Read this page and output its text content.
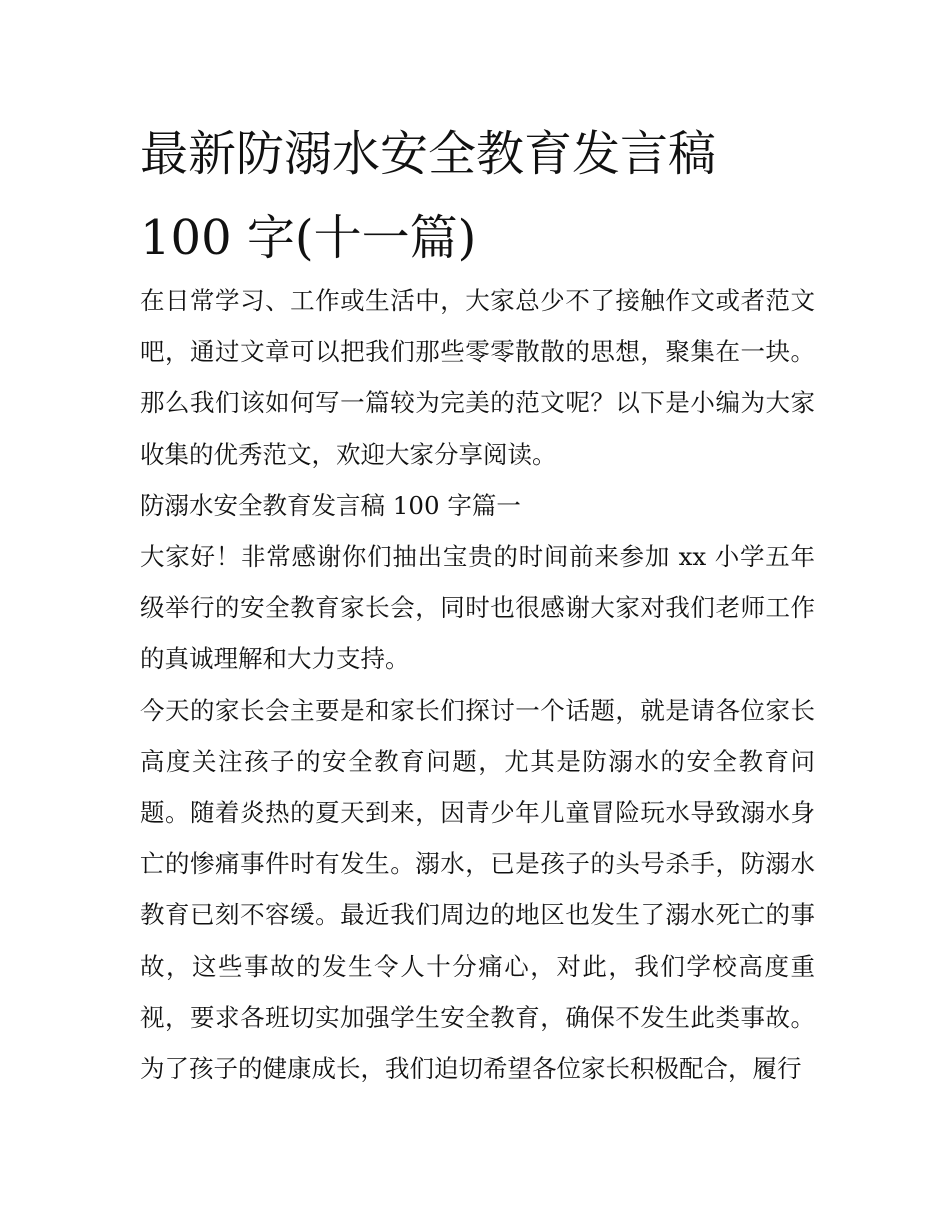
最新防溺水安全教育发言稿
100 字(十一篇)

在日常学习、工作或生活中，大家总少不了接触作文或者范文吧，通过文章可以把我们那些零零散散的思想，聚集在一块。那么我们该如何写一篇较为完美的范文呢？以下是小编为大家收集的优秀范文，欢迎大家分享阅读。

防溺水安全教育发言稿 100 字篇一

大家好！非常感谢你们抽出宝贵的时间前来参加 xx 小学五年级举行的安全教育家长会，同时也很感谢大家对我们老师工作的真诚理解和大力支持。

今天的家长会主要是和家长们探讨一个话题，就是请各位家长高度关注孩子的安全教育问题，尤其是防溺水的安全教育问题。随着炎热的夏天到来，因青少年儿童冒险玩水导致溺水身亡的惨痛事件时有发生。溺水，已是孩子的头号杀手，防溺水教育已刻不容缓。最近我们周边的地区也发生了溺水死亡的事故，这些事故的发生令人十分痛心，对此，我们学校高度重视，要求各班切实加强学生安全教育，确保不发生此类事故。为了孩子的健康成长，我们迫切希望各位家长积极配合，履行
